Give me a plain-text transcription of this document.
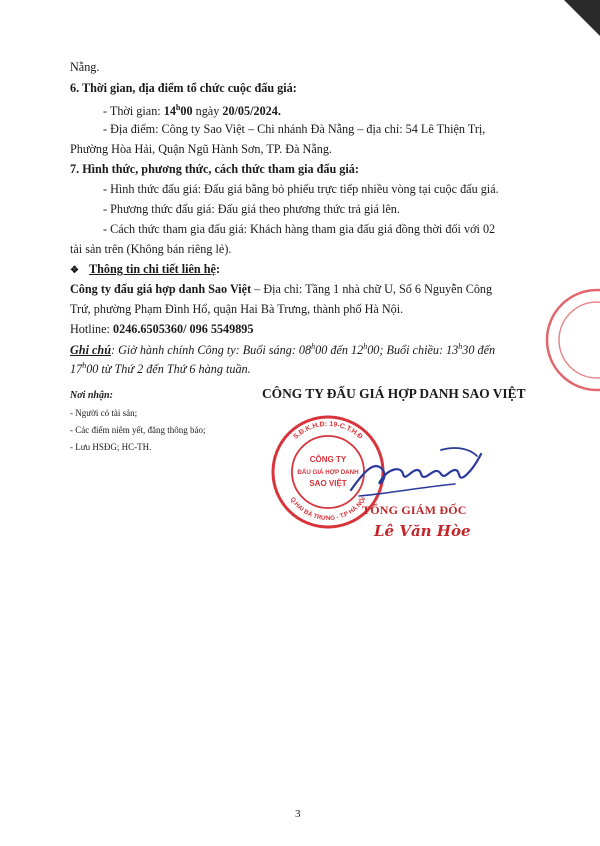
Nẵng.
6. Thời gian, địa điểm tổ chức cuộc đấu giá:
- Thời gian: 14$^h$00 ngày 20/05/2024.
- Địa điểm: Công ty Sao Việt – Chi nhánh Đà Nẵng – địa chỉ: 54 Lê Thiện Trị,
Phường Hòa Hải, Quận Ngũ Hành Sơn, TP. Đà Nẵng.
7. Hình thức, phương thức, cách thức tham gia đấu giá:
- Hình thức đấu giá: Đấu giá bằng bỏ phiếu trực tiếp nhiều vòng tại cuộc đấu giá.
- Phương thức đấu giá: Đấu giá theo phương thức trả giá lên.
- Cách thức tham gia đấu giá: Khách hàng tham gia đấu giá đồng thời đối với 02
tài sản trên (Không bán riêng lẻ).
❖ Thông tin chi tiết liên hệ:
Công ty đấu giá hợp danh Sao Việt – Địa chỉ: Tầng 1 nhà chữ U, Số 6 Nguyễn Công
Trứ, phường Phạm Đình Hổ, quận Hai Bà Trưng, thành phố Hà Nội.
Hotline: 0246.6505360/ 096 5549895
Ghi chú: Giờ hành chính Công ty: Buổi sáng: 08$^h$00 đến 12$^h$00; Buổi chiều: 13$^h$30 đến
17$^h$00 từ Thứ 2 đến Thứ 6 hàng tuần.
Nơi nhận:
- Người có tài sản;
- Các điểm niêm yết, đăng thông báo;
- Lưu HSĐG; HC-TH.
CÔNG TY ĐẤU GIÁ HỢP DANH SAO VIỆT
S.Đ.K.H.Đ: 19-C.T.H.Đ
Q.HAI BÀ TRƯNG - T.P HÀ NỘI
CÔNG TY
ĐẤU GIÁ HỢP DANH
SAO VIỆT
TỔNG GIÁM ĐỐC
Lê Văn Hòe
3
